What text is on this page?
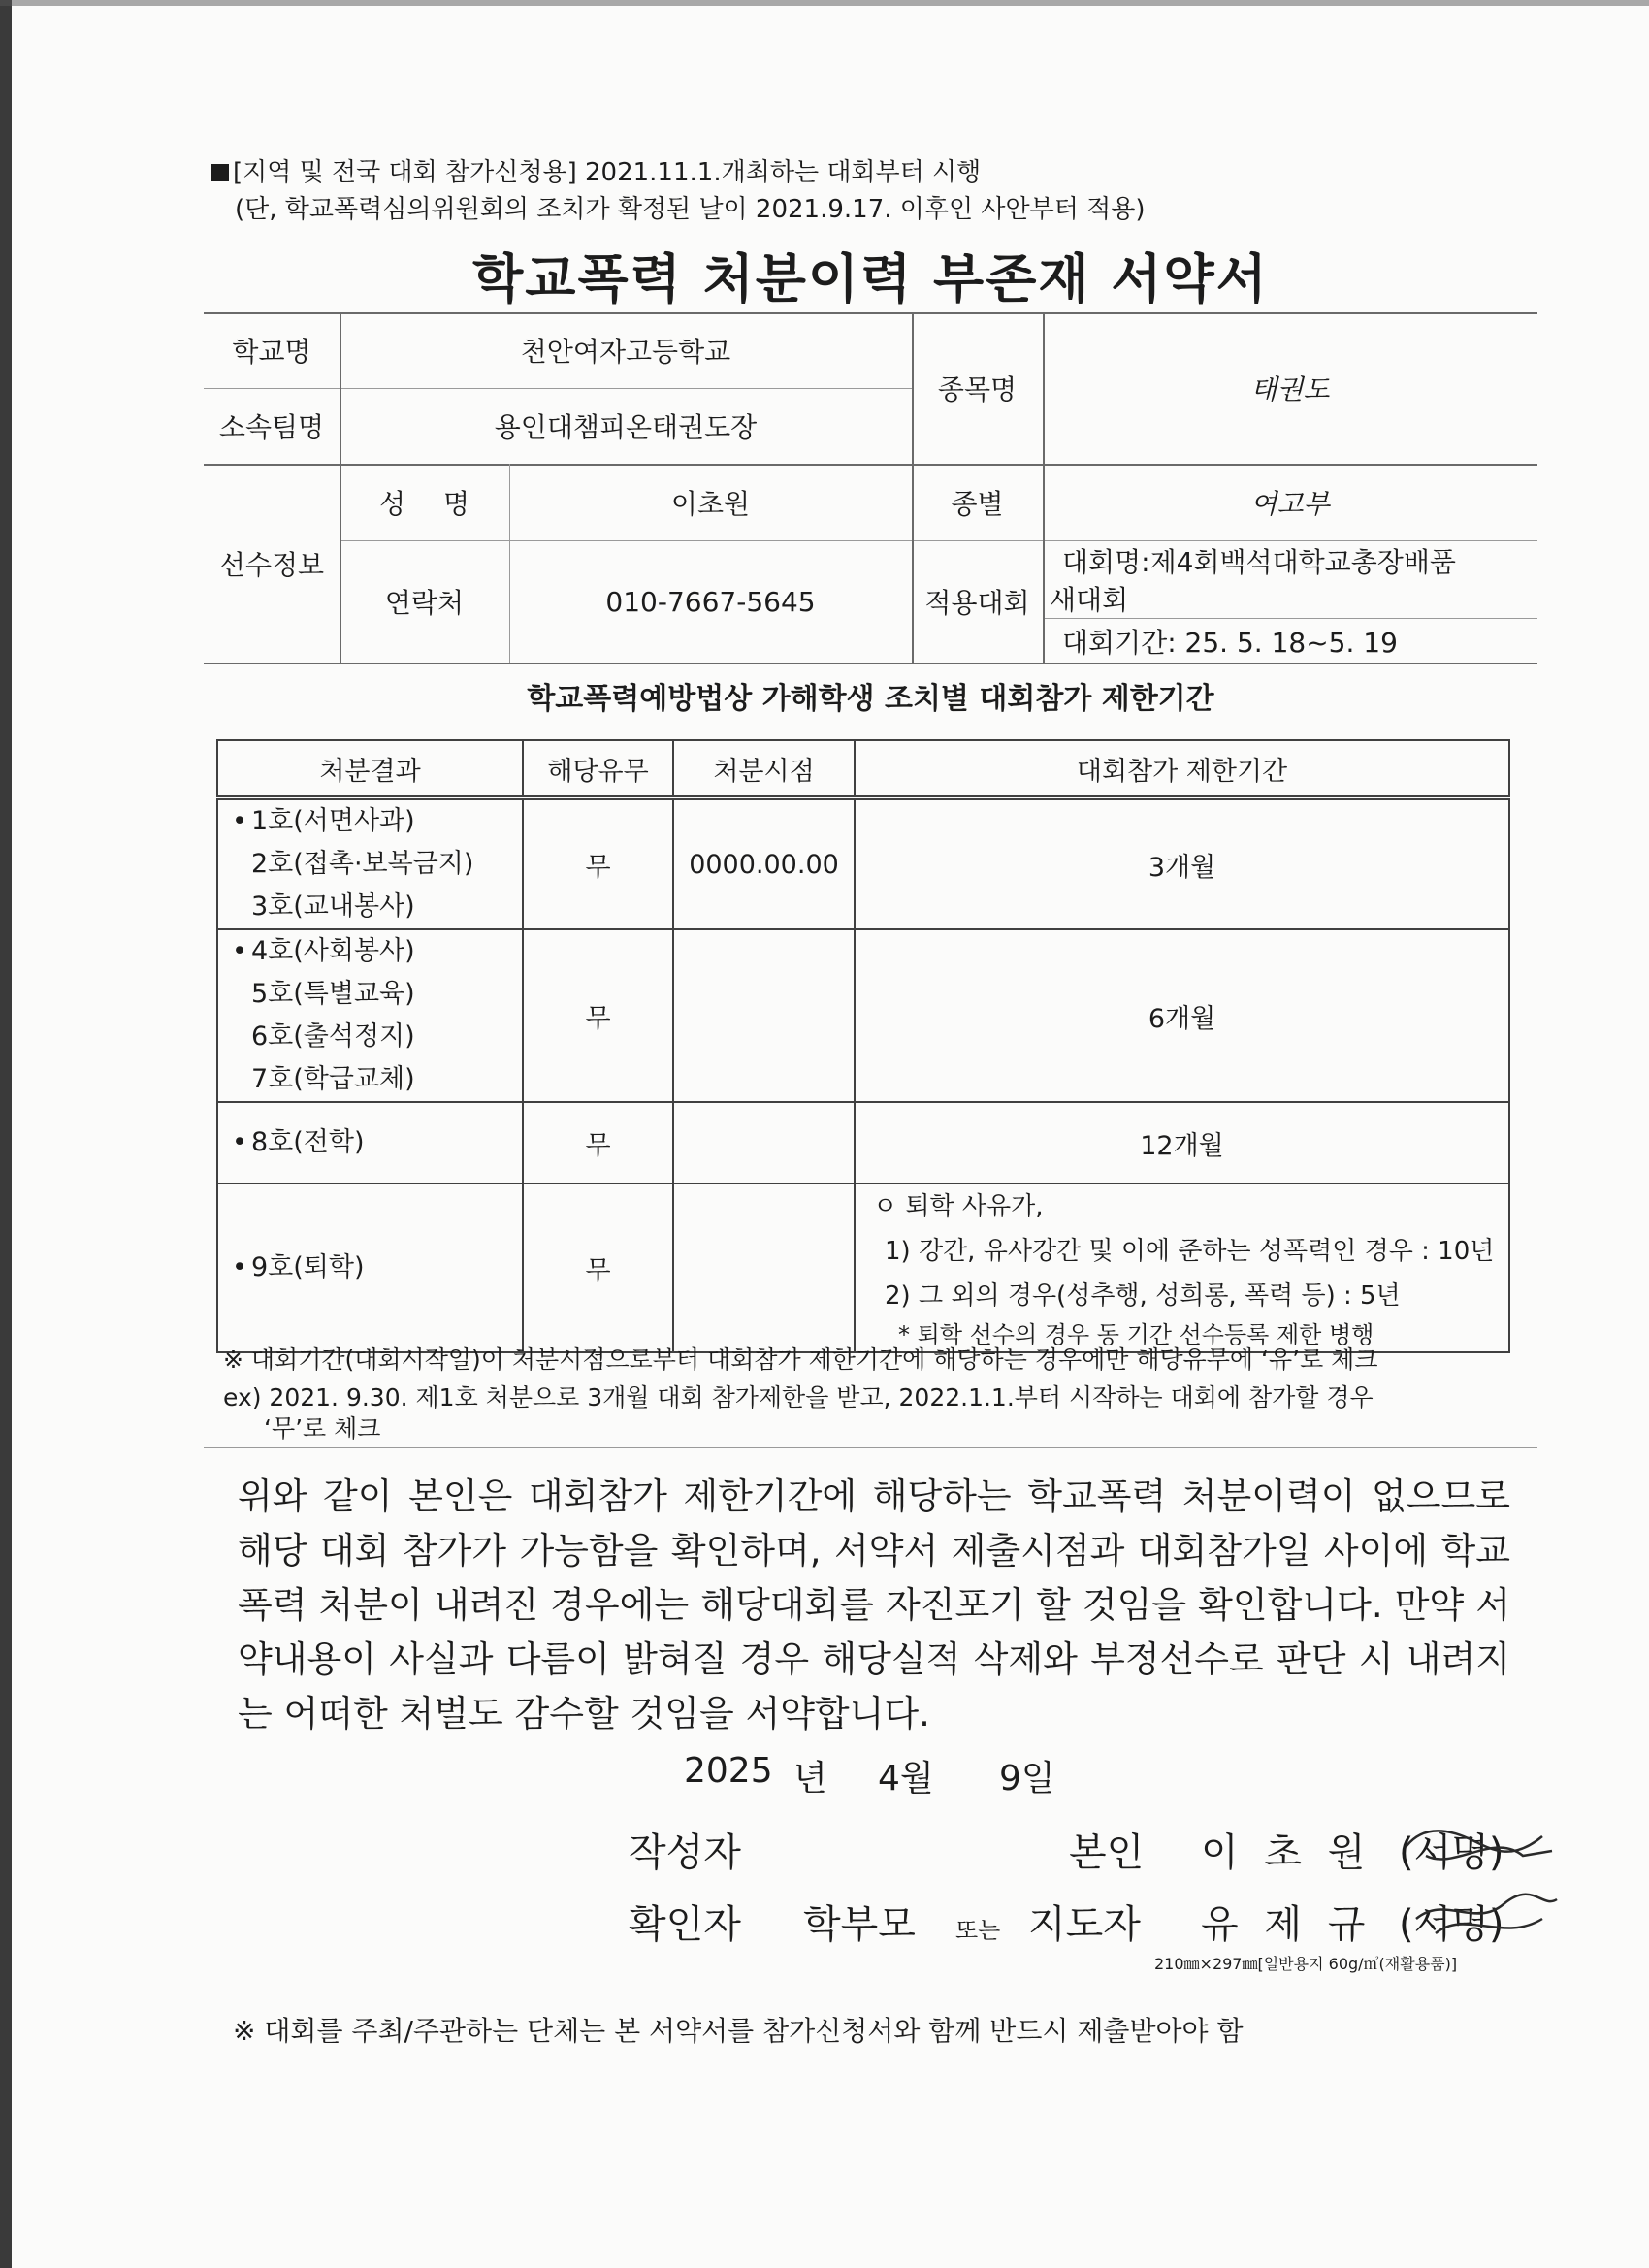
[지역 및 전국 대회 참가신청용] 2021.11.1.개최하는 대회부터 시행
(단, 학교폭력심의위원회의 조치가 확정된 날이 2021.9.17. 이후인 사안부터 적용)
학교폭력 처분이력 부존재 서약서
학교명	천안여자고등학교
소속팀명	용인대챔피온태권도장
종목명	태권도
선수정보
성 명	이초원	종별	여고부
연락처	010-7667-5645	적용대회
대회명:제4회백석대학교총장배품
새대회
대회기간: 25. 5. 18~5. 19
학교폭력예방법상 가해학생 조치별 대회참가 제한기간
처분결과	해당유무	처분시점	대회참가 제한기간

• 1호(서면사과)
2호(접촉·보복금지)
3호(교내봉사)	무	0000.00.00	3개월

• 4호(사회봉사)
5호(특별교육)
6호(출석정지)
7호(학급교체)	무		6개월

• 8호(전학)	무		12개월

• 9호(퇴학)	무		ㅇ 퇴학 사유가,
1) 강간, 유사강간 및 이에 준하는 성폭력인 경우 : 10년
2) 그 외의 경우(성추행, 성희롱, 폭력 등) : 5년
* 퇴학 선수의 경우 동 기간 선수등록 제한 병행
※ 대회기간(대회시작일)이 처분시점으로부터 대회참가 제한기간에 해당하는 경우에만 해당유무에 ‘유’로 체크
ex) 2021. 9.30. 제1호 처분으로 3개월 대회 참가제한을 받고, 2022.1.1.부터 시작하는 대회에 참가할 경우
‘무’로 체크
위와 같이 본인은 대회참가 제한기간에 해당하는 학교폭력 처분이력이 없으므로 해당 대회 참가가 가능함을 확인하며, 서약서 제출시점과 대회참가일 사이에 학교폭력 처분이 내려진 경우에는 해당대회를 자진포기 할 것임을 확인합니다. 만약 서약내용이 사실과 다름이 밝혀질 경우 해당실적 삭제와 부정선수로 판단 시 내려지는 어떠한 처벌도 감수할 것임을 서약합니다.
2025 년 4월 9일
작성자	본인 이 초 원 (서명)
확인자 학부모 또는 지도자 유 제 규 (서명)
210㎜×297㎜[일반용지 60g/㎡(재활용품)]
※ 대회를 주최/주관하는 단체는 본 서약서를 참가신청서와 함께 반드시 제출받아야 함
